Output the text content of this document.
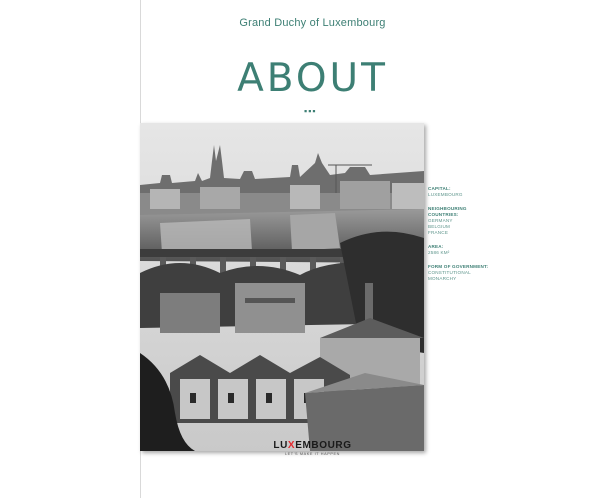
Grand Duchy of Luxembourg
ABOUT
▪▪▪
CAPITAL:
LUXEMBOURG
NEIGHBOURING COUNTRIES:
GERMANY
BELGIUM
FRANCE
AREA:
2586 KM²
FORM OF GOVERNMENT:
CONSTITUTIONAL
MONARCHY
LUXEMBOURG
LET'S MAKE IT HAPPEN
